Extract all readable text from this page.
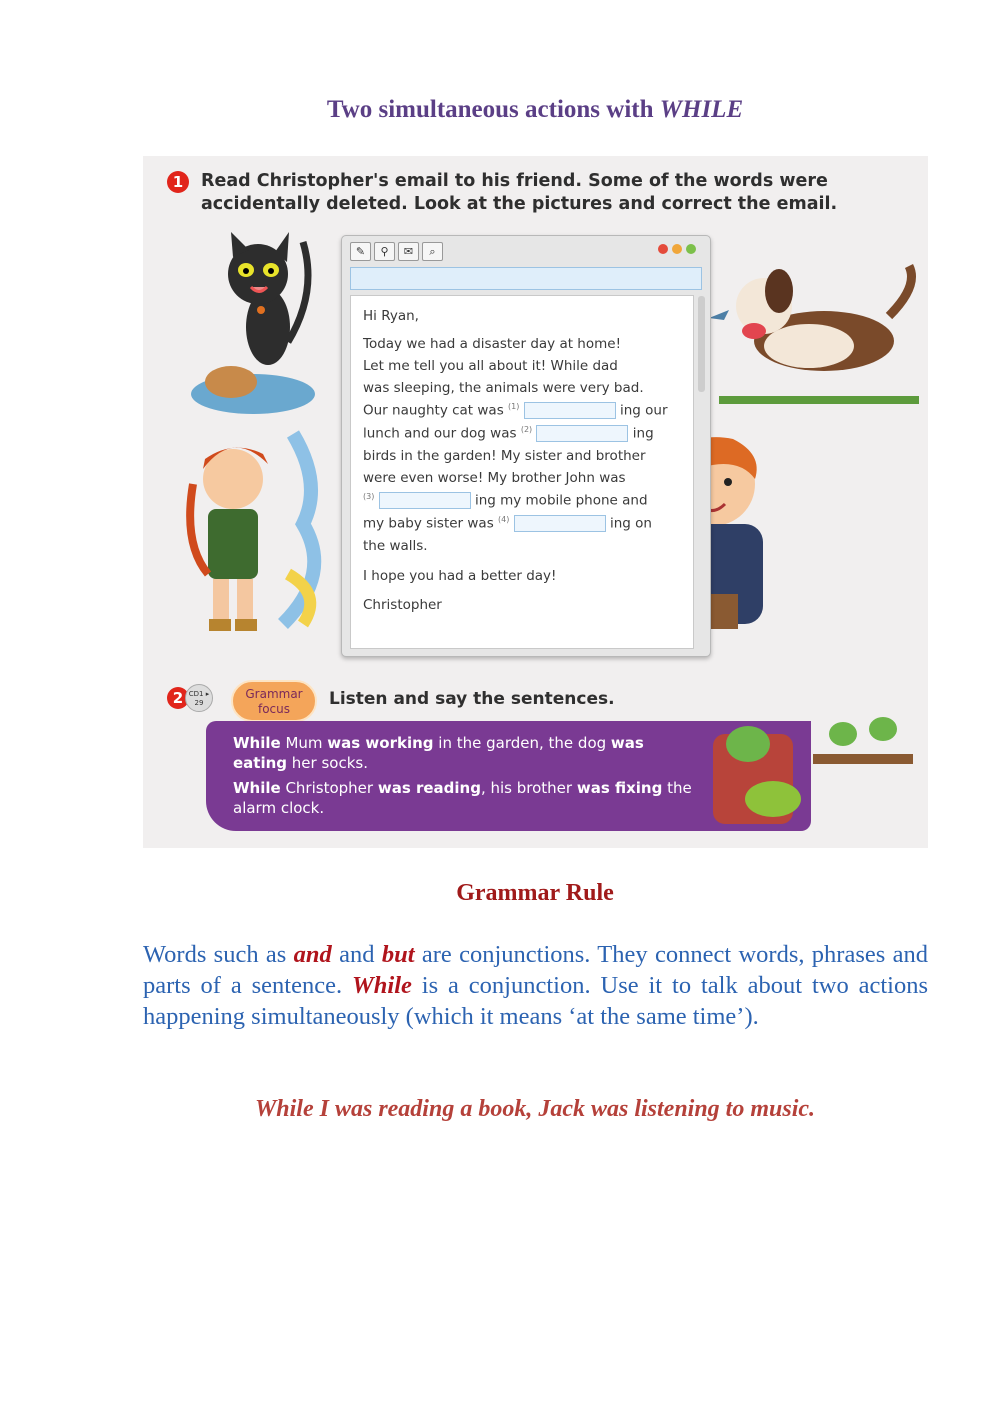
Two simultaneous actions with WHILE
1	Read Christopher's email to his friend. Some of the words were accidentally deleted. Look at the pictures and correct the email.
✎	⚲	✉	⌕
Hi Ryan,
Today we had a disaster day at home!
Let me tell you all about it! While dad
was sleeping, the animals were very bad.
Our naughty cat was $^{(1)}$	ing our
lunch and our dog was $^{(2)}$	ing
birds in the garden! My sister and brother
were even worse! My brother John was
$^{(3)}$	ing my mobile phone and
my baby sister was $^{(4)}$	ing on
the walls.
I hope you had a better day!
Christopher
2 CD1 ▸ 29
Grammar focus	Listen and say the sentences.
While Mum was working in the garden, the dog was eating her socks.
While Christopher was reading, his brother was fixing the alarm clock.
Grammar Rule
Words such as and and but are conjunctions. They connect words, phrases and parts of a sentence. While is a conjunction. Use it to talk about two actions happening simultaneously (which it means ‘at the same time’).
While I was reading a book, Jack was listening to music.
